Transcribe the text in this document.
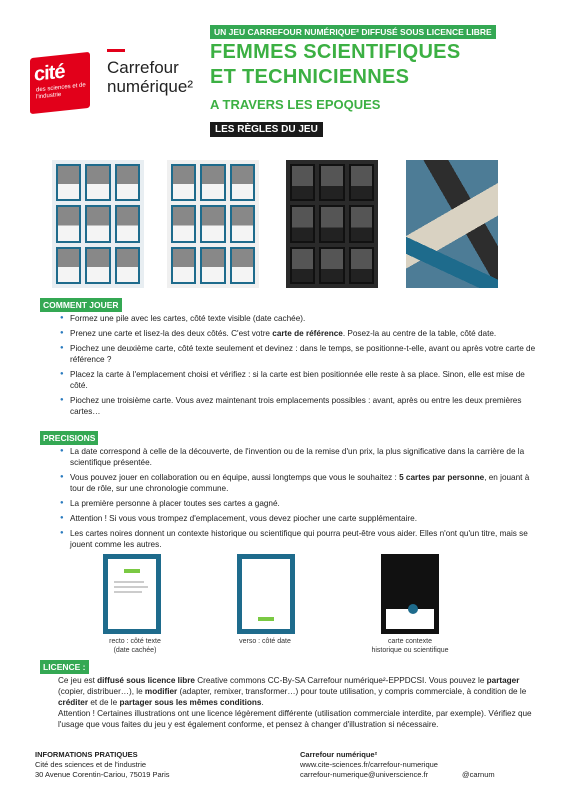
cité
des sciences et de l'industrie
Carrefour
numérique²
UN JEU CARREFOUR NUMÉRIQUE² DIFFUSÉ SOUS LICENCE LIBRE
FEMMES SCIENTIFIQUES
ET TECHNICIENNES
A TRAVERS LES EPOQUES
LES RÈGLES DU JEU
COMMENT JOUER
● Formez une pile avec les cartes, côté texte visible (date cachée).
● Prenez une carte et lisez-la des deux côtés. C'est votre carte de référence. Posez-la au centre de la table, côté date.
● Piochez une deuxième carte, côté texte seulement et devinez : dans le temps, se positionne-t-elle, avant ou après votre carte de référence ?
● Placez la carte à l'emplacement choisi et vérifiez : si la carte est bien positionnée elle reste à sa place. Sinon, elle est mise de côté.
● Piochez une troisième carte. Vous avez maintenant trois emplacements possibles : avant, après ou entre les deux premières cartes…
PRECISIONS
● La date correspond à celle de la découverte, de l'invention ou de la remise d'un prix, la plus significative dans la carrière de la scientifique présentée.
● Vous pouvez jouer en collaboration ou en équipe, aussi longtemps que vous le souhaitez : 5 cartes par personne, en jouant à tour de rôle, sur une chronologie commune.
● La première personne à placer toutes ses cartes a gagné.
● Attention ! Si vous vous trompez d'emplacement, vous devez piocher une carte supplémentaire.
● Les cartes noires donnent un contexte historique ou scientifique qui pourra peut-être vous aider. Elles n'ont qu'un titre, mais se jouent comme les autres.
recto : côté texte
(date cachée)
verso : côté date	carte contexte
historique ou scientifique
LICENCE :

Ce jeu est diffusé sous licence libre Creative commons CC-By-SA Carrefour numérique²-EPPDCSI. Vous pouvez le partager (copier, distribuer…), le modifier (adapter, remixer, transformer…) pour toute utilisation, y compris commerciale, à condition de le créditer et de le partager sous les mêmes conditions.

Attention ! Certaines illustrations ont une licence légèrement différente (utilisation commerciale interdite, par exemple). Vérifiez que l'usage que vous faites du jeu y est également conforme, et pensez à changer d'illustration si nécessaire.

INFORMATIONS PRATIQUES
Cité des sciences et de l'industrie
30 Avenue Corentin-Cariou, 75019 Paris
Carrefour numérique²
www.cite-sciences.fr/carrefour-numerique
carrefour-numerique@universcience.fr	@carnum
